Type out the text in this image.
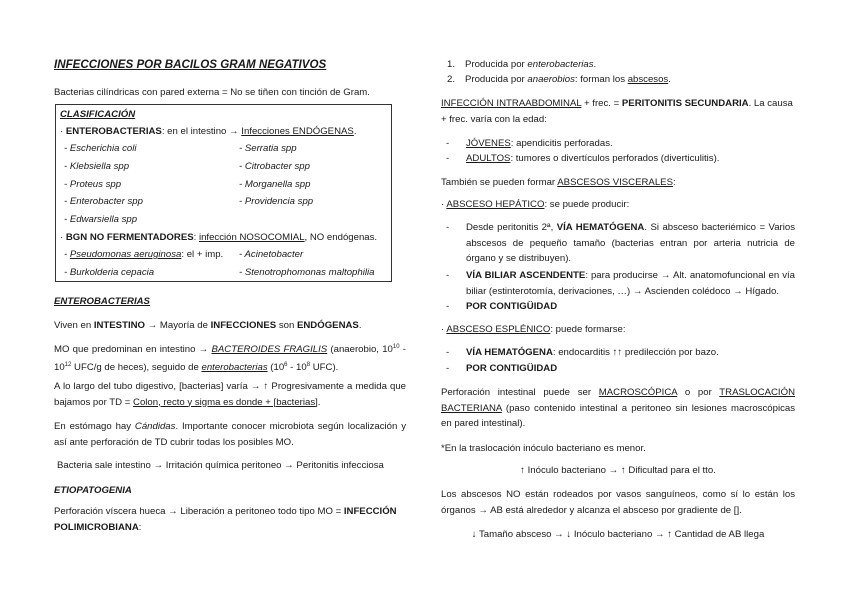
INFECCIONES POR BACILOS GRAM NEGATIVOS
Bacterias cilíndricas con pared externa = No se tiñen con tinción de Gram.
CLASIFICACIÓN
· ENTEROBACTERIAS: en el intestino → Infecciones ENDÓGENAS.
- Escherichia coli
- Klebsiella spp
- Proteus spp
- Enterobacter spp
- Edwarsiella spp
- Serratia spp
- Citrobacter spp
- Morganella spp
- Providencia spp
· BGN NO FERMENTADORES: infección NOSOCOMIAL, NO endógenas.
- Pseudomonas aeruginosa: el + imp. - Acinetobacter
- Burkolderia cepacia	- Stenotrophomonas maltophilia
ENTEROBACTERIAS
Viven en INTESTINO → Mayoría de INFECCIONES son ENDÓGENAS.
MO que predominan en intestino → BACTEROIDES FRAGILIS (anaerobio, $10^{10} - 10^{12}$ UFC/g de heces), seguido de enterobacterias ($10^6 - 10^8$ UFC).
A lo largo del tubo digestivo, [bacterias] varía → ↑ Progresivamente a medida que bajamos por TD = Colon, recto y sigma es donde + [bacterias].
En estómago hay Cándidas. Importante conocer microbiota según localización y así ante perforación de TD cubrir todas los posibles MO.
Bacteria sale intestino → Irritación química peritoneo → Peritonitis infecciosa
ETIOPATOGENIA
Perforación víscera hueca → Liberación a peritoneo todo tipo MO = INFECCIÓN POLIMICROBIANA:
1. Producida por enterobacterias.
2. Producida por anaerobios: forman los abscesos.
INFECCIÓN INTRAABDOMINAL + frec. = PERITONITIS SECUNDARIA. La causa + frec. varía con la edad:
- JÓVENES: apendicitis perforadas.
- ADULTOS: tumores o divertículos perforados (diverticulitis).
También se pueden formar ABSCESOS VISCERALES:
· ABSCESO HEPÁTICO: se puede producir:
- Desde peritonitis 2ª, VÍA HEMATÓGENA. Si absceso bacteriémico = Varios abscesos de pequeño tamaño (bacterias entran por arteria nutricia de órgano y se distribuyen).
- VÍA BILIAR ASCENDENTE: para producirse → Alt. anatomofuncional en vía biliar (estinterotomía, derivaciones, …) → Ascienden colédoco → Hígado.
- POR CONTIGÜIDAD
· ABSCESO ESPLÉNICO: puede formarse:
- VÍA HEMATÓGENA: endocarditis ↑↑ predilección por bazo.
- POR CONTIGÜIDAD
Perforación intestinal puede ser MACROSCÓPICA o por TRASLOCACIÓN BACTERIANA (paso contenido intestinal a peritoneo sin lesiones macroscópicas en pared intestinal).
*En la traslocación inóculo bacteriano es menor.
↑ Inóculo bacteriano → ↑ Dificultad para el tto.
Los abscesos NO están rodeados por vasos sanguíneos, como sí lo están los órganos → AB está alrededor y alcanza el absceso por gradiente de [].
↓ Tamaño absceso → ↓ Inóculo bacteriano → ↑ Cantidad de AB llega
